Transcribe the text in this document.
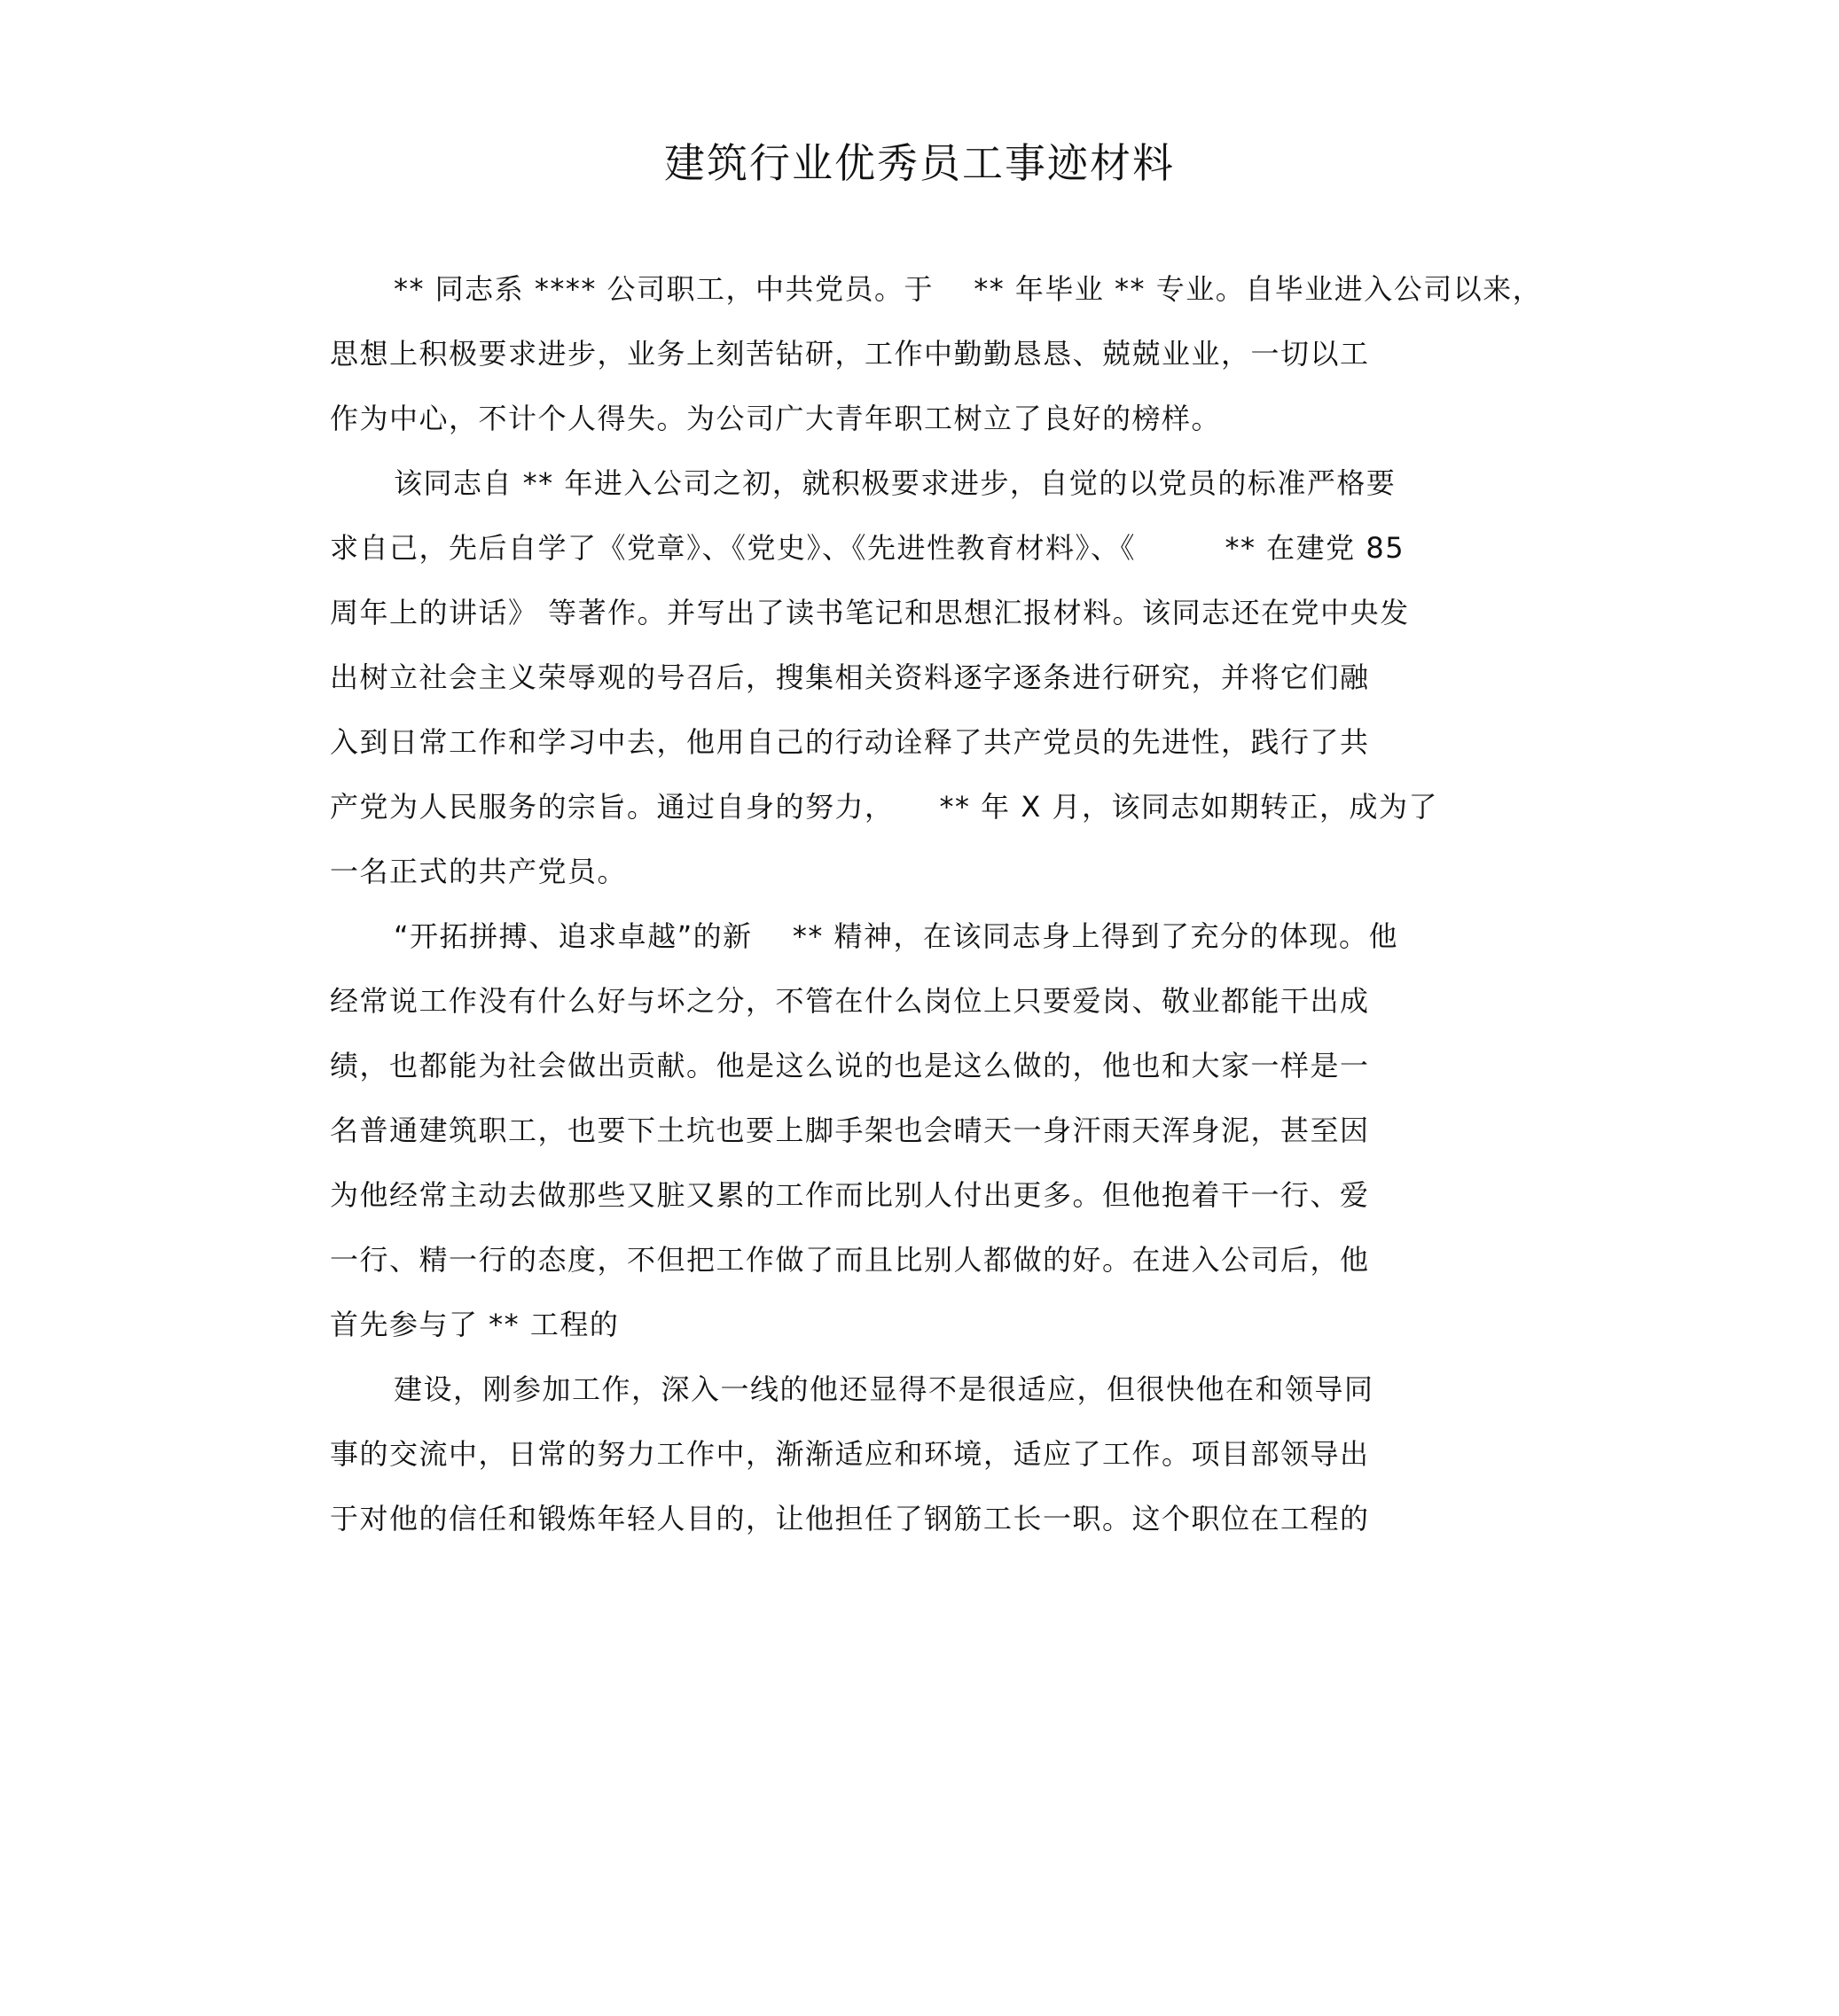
建筑行业优秀员工事迹材料
** 同志系 **** 公司职工，中共党员。于　 ** 年毕业 ** 专业。自毕业进入公司以来，
思想上积极要求进步，业务上刻苦钻研，工作中勤勤恳恳、兢兢业业，一切以工
作为中心，不计个人得失。为公司广大青年职工树立了良好的榜样。
该同志自 ** 年进入公司之初，就积极要求进步，自觉的以党员的标准严格要
求自己，先后自学了《党章》、《党史》、《先进性教育材料》、《　　　** 在建党 85
周年上的讲话》 等著作。并写出了读书笔记和思想汇报材料。该同志还在党中央发
出树立社会主义荣辱观的号召后，搜集相关资料逐字逐条进行研究，并将它们融
入到日常工作和学习中去，他用自己的行动诠释了共产党员的先进性，践行了共
产党为人民服务的宗旨。通过自身的努力，　　** 年 X 月，该同志如期转正，成为了
一名正式的共产党员。
“开拓拼搏、追求卓越”的新　 ** 精神，在该同志身上得到了充分的体现。他
经常说工作没有什么好与坏之分，不管在什么岗位上只要爱岗、敬业都能干出成
绩，也都能为社会做出贡献。他是这么说的也是这么做的，他也和大家一样是一
名普通建筑职工，也要下土坑也要上脚手架也会晴天一身汗雨天浑身泥，甚至因
为他经常主动去做那些又脏又累的工作而比别人付出更多。但他抱着干一行、爱
一行、精一行的态度，不但把工作做了而且比别人都做的好。在进入公司后，他
首先参与了 ** 工程的
建设，刚参加工作，深入一线的他还显得不是很适应，但很快他在和领导同
事的交流中，日常的努力工作中，渐渐适应和环境，适应了工作。项目部领导出
于对他的信任和锻炼年轻人目的，让他担任了钢筋工长一职。这个职位在工程的
